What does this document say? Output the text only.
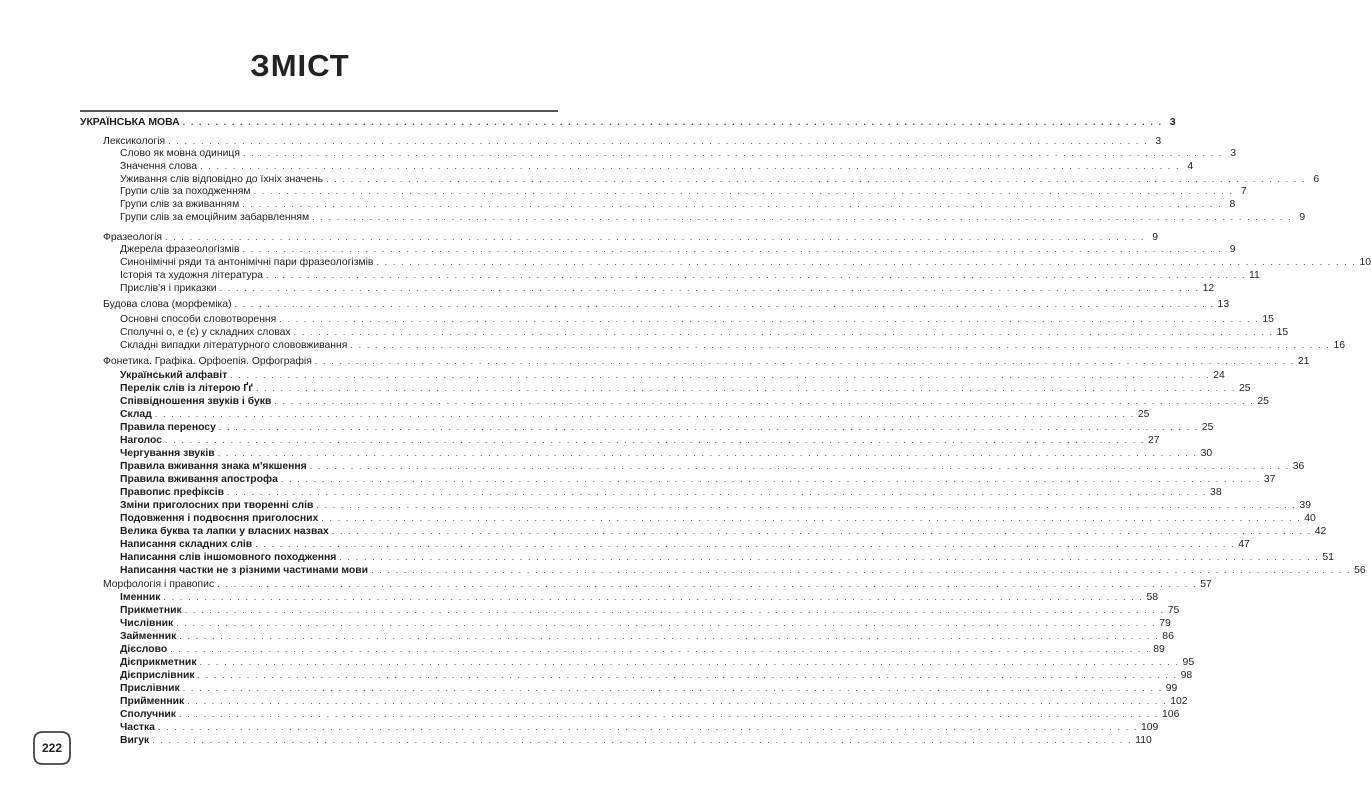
ЗМІСТ
УКРАЇНСЬКА МОВА . . . . . . . . . . . . . . . . . . . . . . . . . . . . . . . . . . . . . . . . . . . . . . . . . . . . . . . . . . . . . . . . . . . . . . . . . . . . . . . . . . . . . . . . . . . . . . . . . . . . . . . . . . . . . . . . . . . . . . . . 3
Лексикологія . . . . . . . . . . . . . . . . . . . . . . . . . . . . . . . . . . . . . . . . . . . . . . . . . . . . . . . . . . . . . . . . . . . . . . . . . . . . . . . . . . . . . . . . . . . . . . . . . . . . . . . . . . . . . . . . . . . . . . . . 3
Слово як мовна одиниця . . . . . . . . . . . . . . . . . . . . . . . . . . . . . . . . . . . . . . . . . . . . . . . . . . . . . . . . . . . . . . . . . . . . . . . . . . . . . . . . . . . . . . . . . . . . . . . . . . . . . . . . . . . . . . . . . . . . . . . . 3
Значення слова . . . . . . . . . . . . . . . . . . . . . . . . . . . . . . . . . . . . . . . . . . . . . . . . . . . . . . . . . . . . . . . . . . . . . . . . . . . . . . . . . . . . . . . . . . . . . . . . . . . . . . . . . . . . . . . . . . . . . . . . 4
Уживання слів відповідно до їхніх значень . . . . . . . . . . . . . . . . . . . . . . . . . . . . . . . . . . . . . . . . . . . . . . . . . . . . . . . . . . . . . . . . . . . . . . . . . . . . . . . . . . . . . . . . . . . . . . . . . . . . . . . . . . . . . . . . . . . . . . . . 6
Групи слів за походженням . . . . . . . . . . . . . . . . . . . . . . . . . . . . . . . . . . . . . . . . . . . . . . . . . . . . . . . . . . . . . . . . . . . . . . . . . . . . . . . . . . . . . . . . . . . . . . . . . . . . . . . . . . . . . . . . . . . . . . . . 7
Групи слів за вживанням . . . . . . . . . . . . . . . . . . . . . . . . . . . . . . . . . . . . . . . . . . . . . . . . . . . . . . . . . . . . . . . . . . . . . . . . . . . . . . . . . . . . . . . . . . . . . . . . . . . . . . . . . . . . . . . . . . . . . . . . 8
Групи слів за емоційним забарвленням . . . . . . . . . . . . . . . . . . . . . . . . . . . . . . . . . . . . . . . . . . . . . . . . . . . . . . . . . . . . . . . . . . . . . . . . . . . . . . . . . . . . . . . . . . . . . . . . . . . . . . . . . . . . . . . . . . . . . . . . 9
Фразеологія . . . . . . . . . . . . . . . . . . . . . . . . . . . . . . . . . . . . . . . . . . . . . . . . . . . . . . . . . . . . . . . . . . . . . . . . . . . . . . . . . . . . . . . . . . . . . . . . . . . . . . . . . . . . . . . . . . . . . . . . 9
Джерела фразеологізмів . . . . . . . . . . . . . . . . . . . . . . . . . . . . . . . . . . . . . . . . . . . . . . . . . . . . . . . . . . . . . . . . . . . . . . . . . . . . . . . . . . . . . . . . . . . . . . . . . . . . . . . . . . . . . . . . . . . . . . . . 9
Синонімічні ряди та антонімічні пари фразеологізмів . . . . . . . . . . . . . . . . . . . . . . . . . . . . . . . . . . . . . . . . . . . . . . . . . . . . . . . . . . . . . . . . . . . . . . . . . . . . . . . . . . . . . . . . . . . . . . . . . . . . . . . . . . . . . . . . . . . . . . . . 10
Історія та художня література . . . . . . . . . . . . . . . . . . . . . . . . . . . . . . . . . . . . . . . . . . . . . . . . . . . . . . . . . . . . . . . . . . . . . . . . . . . . . . . . . . . . . . . . . . . . . . . . . . . . . . . . . . . . . . . . . . . . . . . . 11
Прислів'я і приказки . . . . . . . . . . . . . . . . . . . . . . . . . . . . . . . . . . . . . . . . . . . . . . . . . . . . . . . . . . . . . . . . . . . . . . . . . . . . . . . . . . . . . . . . . . . . . . . . . . . . . . . . . . . . . . . . . . . . . . . . 12
Будова слова (морфеміка) . . . . . . . . . . . . . . . . . . . . . . . . . . . . . . . . . . . . . . . . . . . . . . . . . . . . . . . . . . . . . . . . . . . . . . . . . . . . . . . . . . . . . . . . . . . . . . . . . . . . . . . . . . . . . . . . . . . . . . . . 13
Основні способи словотворення . . . . . . . . . . . . . . . . . . . . . . . . . . . . . . . . . . . . . . . . . . . . . . . . . . . . . . . . . . . . . . . . . . . . . . . . . . . . . . . . . . . . . . . . . . . . . . . . . . . . . . . . . . . . . . . . . . . . . . . . 15
Сполучні о, е (є) у складних словах . . . . . . . . . . . . . . . . . . . . . . . . . . . . . . . . . . . . . . . . . . . . . . . . . . . . . . . . . . . . . . . . . . . . . . . . . . . . . . . . . . . . . . . . . . . . . . . . . . . . . . . . . . . . . . . . . . . . . . . . 15
Складні випадки літературного слововживання . . . . . . . . . . . . . . . . . . . . . . . . . . . . . . . . . . . . . . . . . . . . . . . . . . . . . . . . . . . . . . . . . . . . . . . . . . . . . . . . . . . . . . . . . . . . . . . . . . . . . . . . . . . . . . . . . . . . . . . . 16
Фонетика. Графіка. Орфоепія. Орфографія . . . . . . . . . . . . . . . . . . . . . . . . . . . . . . . . . . . . . . . . . . . . . . . . . . . . . . . . . . . . . . . . . . . . . . . . . . . . . . . . . . . . . . . . . . . . . . . . . . . . . . . . . . . . . . . . . . . . . . . . 21
Український алфавіт . . . . . . . . . . . . . . . . . . . . . . . . . . . . . . . . . . . . . . . . . . . . . . . . . . . . . . . . . . . . . . . . . . . . . . . . . . . . . . . . . . . . . . . . . . . . . . . . . . . . . . . . . . . . . . . . . . . . . . . . 24
Перелік слів із літерою Ґґ . . . . . . . . . . . . . . . . . . . . . . . . . . . . . . . . . . . . . . . . . . . . . . . . . . . . . . . . . . . . . . . . . . . . . . . . . . . . . . . . . . . . . . . . . . . . . . . . . . . . . . . . . . . . . . . . . . . . . . . . 25
Співвідношення звуків і букв . . . . . . . . . . . . . . . . . . . . . . . . . . . . . . . . . . . . . . . . . . . . . . . . . . . . . . . . . . . . . . . . . . . . . . . . . . . . . . . . . . . . . . . . . . . . . . . . . . . . . . . . . . . . . . . . . . . . . . . . 25
Склад . . . . . . . . . . . . . . . . . . . . . . . . . . . . . . . . . . . . . . . . . . . . . . . . . . . . . . . . . . . . . . . . . . . . . . . . . . . . . . . . . . . . . . . . . . . . . . . . . . . . . . . . . . . . . . . . . . . . . . . . 25
Правила переносу . . . . . . . . . . . . . . . . . . . . . . . . . . . . . . . . . . . . . . . . . . . . . . . . . . . . . . . . . . . . . . . . . . . . . . . . . . . . . . . . . . . . . . . . . . . . . . . . . . . . . . . . . . . . . . . . . . . . . . . . 25
Наголос . . . . . . . . . . . . . . . . . . . . . . . . . . . . . . . . . . . . . . . . . . . . . . . . . . . . . . . . . . . . . . . . . . . . . . . . . . . . . . . . . . . . . . . . . . . . . . . . . . . . . . . . . . . . . . . . . . . . . . . . 27
Чергування звуків . . . . . . . . . . . . . . . . . . . . . . . . . . . . . . . . . . . . . . . . . . . . . . . . . . . . . . . . . . . . . . . . . . . . . . . . . . . . . . . . . . . . . . . . . . . . . . . . . . . . . . . . . . . . . . . . . . . . . . . . 30
Правила вживання знака м'якшення . . . . . . . . . . . . . . . . . . . . . . . . . . . . . . . . . . . . . . . . . . . . . . . . . . . . . . . . . . . . . . . . . . . . . . . . . . . . . . . . . . . . . . . . . . . . . . . . . . . . . . . . . . . . . . . . . . . . . . . . 36
Правила вживання апострофа . . . . . . . . . . . . . . . . . . . . . . . . . . . . . . . . . . . . . . . . . . . . . . . . . . . . . . . . . . . . . . . . . . . . . . . . . . . . . . . . . . . . . . . . . . . . . . . . . . . . . . . . . . . . . . . . . . . . . . . . 37
Правопис префіксів . . . . . . . . . . . . . . . . . . . . . . . . . . . . . . . . . . . . . . . . . . . . . . . . . . . . . . . . . . . . . . . . . . . . . . . . . . . . . . . . . . . . . . . . . . . . . . . . . . . . . . . . . . . . . . . . . . . . . . . . 38
Зміни приголосних при творенні слів . . . . . . . . . . . . . . . . . . . . . . . . . . . . . . . . . . . . . . . . . . . . . . . . . . . . . . . . . . . . . . . . . . . . . . . . . . . . . . . . . . . . . . . . . . . . . . . . . . . . . . . . . . . . . . . . . . . . . . . . 39
Подовження і подвоєння приголосних . . . . . . . . . . . . . . . . . . . . . . . . . . . . . . . . . . . . . . . . . . . . . . . . . . . . . . . . . . . . . . . . . . . . . . . . . . . . . . . . . . . . . . . . . . . . . . . . . . . . . . . . . . . . . . . . . . . . . . . . 40
Велика буква та лапки у власних назвах . . . . . . . . . . . . . . . . . . . . . . . . . . . . . . . . . . . . . . . . . . . . . . . . . . . . . . . . . . . . . . . . . . . . . . . . . . . . . . . . . . . . . . . . . . . . . . . . . . . . . . . . . . . . . . . . . . . . . . . . 42
Написання складних слів . . . . . . . . . . . . . . . . . . . . . . . . . . . . . . . . . . . . . . . . . . . . . . . . . . . . . . . . . . . . . . . . . . . . . . . . . . . . . . . . . . . . . . . . . . . . . . . . . . . . . . . . . . . . . . . . . . . . . . . . 47
Написання слів іншомовного походження . . . . . . . . . . . . . . . . . . . . . . . . . . . . . . . . . . . . . . . . . . . . . . . . . . . . . . . . . . . . . . . . . . . . . . . . . . . . . . . . . . . . . . . . . . . . . . . . . . . . . . . . . . . . . . . . . . . . . . . . 51
Написання частки не з різними частинами мови . . . . . . . . . . . . . . . . . . . . . . . . . . . . . . . . . . . . . . . . . . . . . . . . . . . . . . . . . . . . . . . . . . . . . . . . . . . . . . . . . . . . . . . . . . . . . . . . . . . . . . . . . . . . . . . . . . . . . . . . 56
Морфологія і правопис . . . . . . . . . . . . . . . . . . . . . . . . . . . . . . . . . . . . . . . . . . . . . . . . . . . . . . . . . . . . . . . . . . . . . . . . . . . . . . . . . . . . . . . . . . . . . . . . . . . . . . . . . . . . . . . . . . . . . . . . 57
Іменник . . . . . . . . . . . . . . . . . . . . . . . . . . . . . . . . . . . . . . . . . . . . . . . . . . . . . . . . . . . . . . . . . . . . . . . . . . . . . . . . . . . . . . . . . . . . . . . . . . . . . . . . . . . . . . . . . . . . . . . . 58
Прикметник . . . . . . . . . . . . . . . . . . . . . . . . . . . . . . . . . . . . . . . . . . . . . . . . . . . . . . . . . . . . . . . . . . . . . . . . . . . . . . . . . . . . . . . . . . . . . . . . . . . . . . . . . . . . . . . . . . . . . . . . 75
Числівник . . . . . . . . . . . . . . . . . . . . . . . . . . . . . . . . . . . . . . . . . . . . . . . . . . . . . . . . . . . . . . . . . . . . . . . . . . . . . . . . . . . . . . . . . . . . . . . . . . . . . . . . . . . . . . . . . . . . . . . . 79
Займенник . . . . . . . . . . . . . . . . . . . . . . . . . . . . . . . . . . . . . . . . . . . . . . . . . . . . . . . . . . . . . . . . . . . . . . . . . . . . . . . . . . . . . . . . . . . . . . . . . . . . . . . . . . . . . . . . . . . . . . . . 86
Дієслово . . . . . . . . . . . . . . . . . . . . . . . . . . . . . . . . . . . . . . . . . . . . . . . . . . . . . . . . . . . . . . . . . . . . . . . . . . . . . . . . . . . . . . . . . . . . . . . . . . . . . . . . . . . . . . . . . . . . . . . . 89
Дієприкметник . . . . . . . . . . . . . . . . . . . . . . . . . . . . . . . . . . . . . . . . . . . . . . . . . . . . . . . . . . . . . . . . . . . . . . . . . . . . . . . . . . . . . . . . . . . . . . . . . . . . . . . . . . . . . . . . . . . . . . . . 95
Дієприслівник . . . . . . . . . . . . . . . . . . . . . . . . . . . . . . . . . . . . . . . . . . . . . . . . . . . . . . . . . . . . . . . . . . . . . . . . . . . . . . . . . . . . . . . . . . . . . . . . . . . . . . . . . . . . . . . . . . . . . . . . 98
Прислівник . . . . . . . . . . . . . . . . . . . . . . . . . . . . . . . . . . . . . . . . . . . . . . . . . . . . . . . . . . . . . . . . . . . . . . . . . . . . . . . . . . . . . . . . . . . . . . . . . . . . . . . . . . . . . . . . . . . . . . . . 99
Прийменник . . . . . . . . . . . . . . . . . . . . . . . . . . . . . . . . . . . . . . . . . . . . . . . . . . . . . . . . . . . . . . . . . . . . . . . . . . . . . . . . . . . . . . . . . . . . . . . . . . . . . . . . . . . . . . . . . . . . . . . . 102
Сполучник . . . . . . . . . . . . . . . . . . . . . . . . . . . . . . . . . . . . . . . . . . . . . . . . . . . . . . . . . . . . . . . . . . . . . . . . . . . . . . . . . . . . . . . . . . . . . . . . . . . . . . . . . . . . . . . . . . . . . . . . 106
Частка . . . . . . . . . . . . . . . . . . . . . . . . . . . . . . . . . . . . . . . . . . . . . . . . . . . . . . . . . . . . . . . . . . . . . . . . . . . . . . . . . . . . . . . . . . . . . . . . . . . . . . . . . . . . . . . . . . . . . . . . 109
Вигук . . . . . . . . . . . . . . . . . . . . . . . . . . . . . . . . . . . . . . . . . . . . . . . . . . . . . . . . . . . . . . . . . . . . . . . . . . . . . . . . . . . . . . . . . . . . . . . . . . . . . . . . . . . . . . . . . . . . . . . . 110
222
